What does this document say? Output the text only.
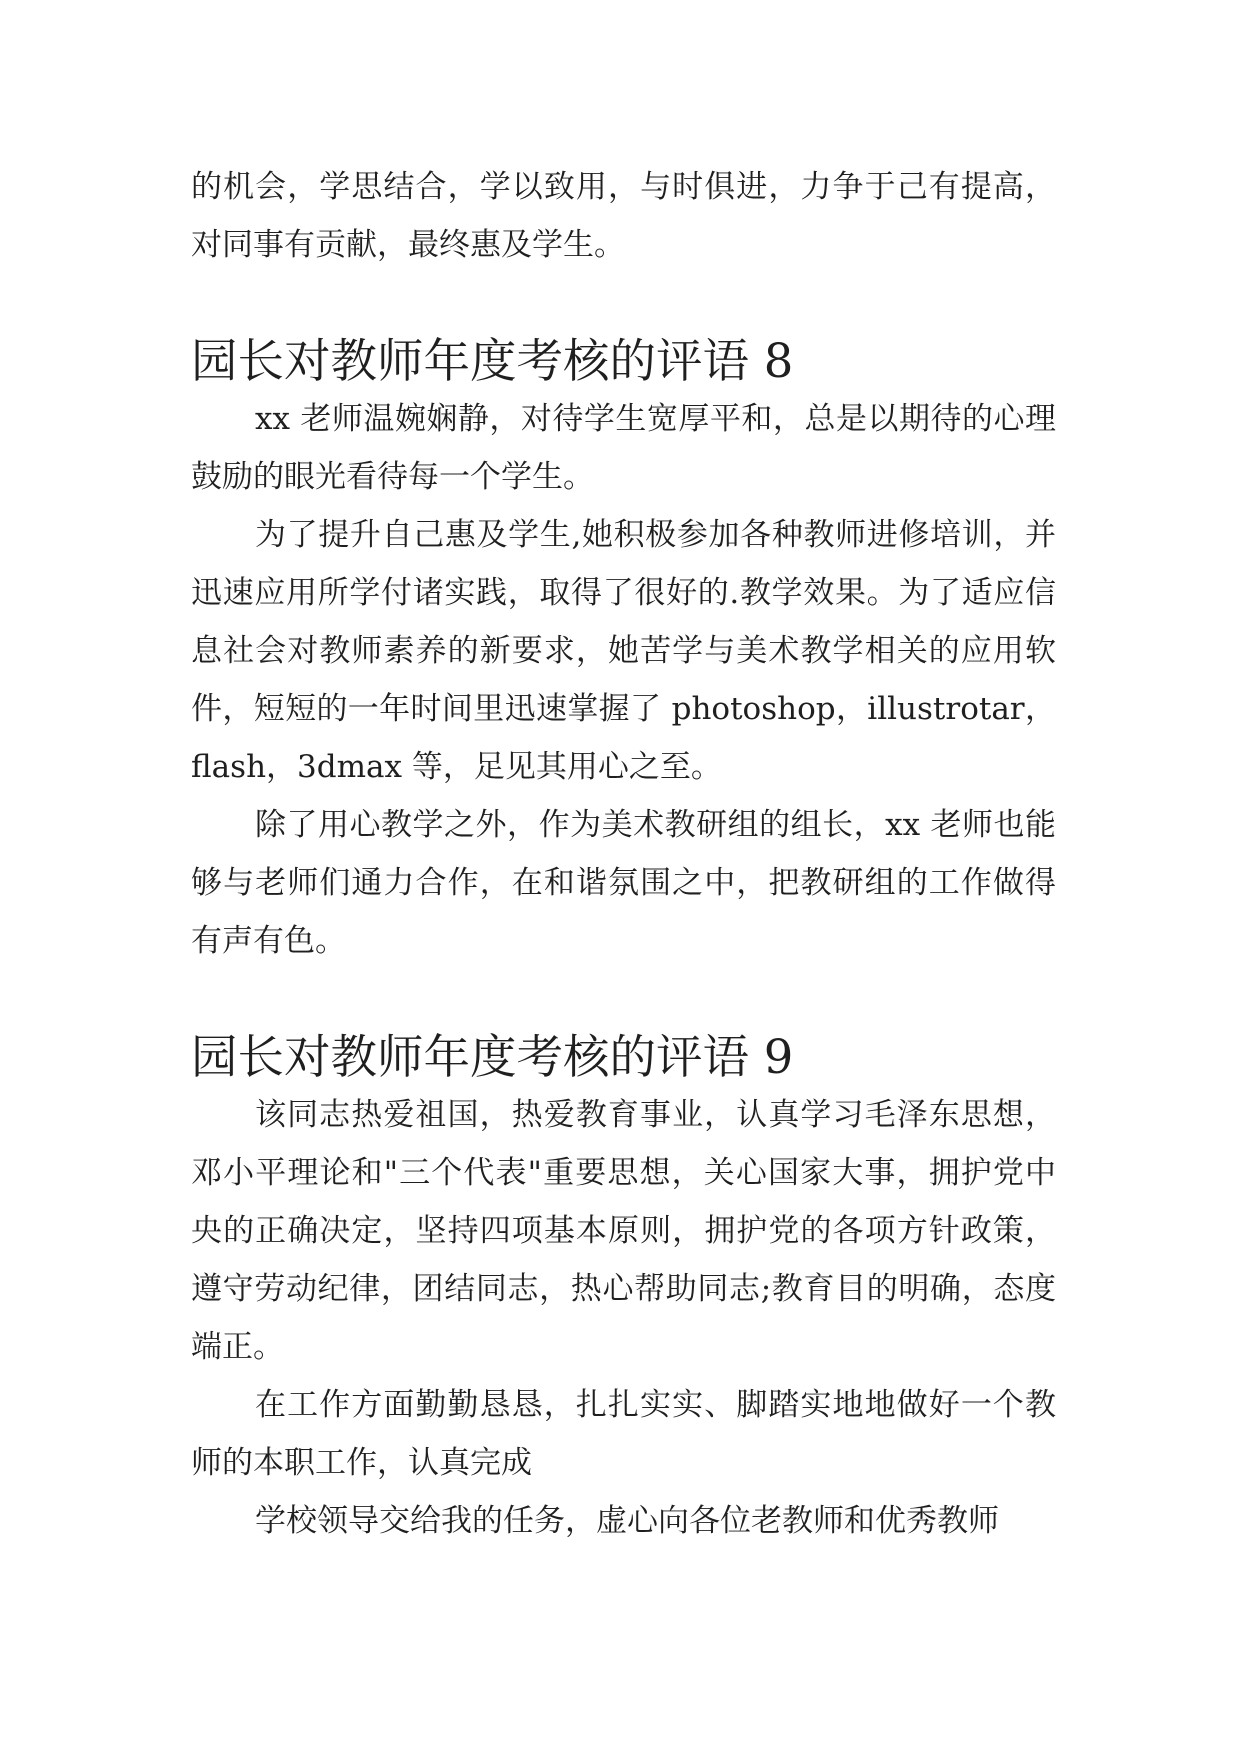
的机会，学思结合，学以致用，与时俱进，力争于己有提高，对同事有贡献，最终惠及学生。

园长对教师年度考核的评语 8

xx 老师温婉娴静，对待学生宽厚平和，总是以期待的心理鼓励的眼光看待每一个学生。

为了提升自己惠及学生,她积极参加各种教师进修培训，并迅速应用所学付诸实践，取得了很好的.教学效果。为了适应信息社会对教师素养的新要求，她苦学与美术教学相关的应用软件，短短的一年时间里迅速掌握了 photoshop，illustrotar，flash，3dmax 等，足见其用心之至。

除了用心教学之外，作为美术教研组的组长，xx 老师也能够与老师们通力合作，在和谐氛围之中，把教研组的工作做得有声有色。

园长对教师年度考核的评语 9

该同志热爱祖国，热爱教育事业，认真学习毛泽东思想，邓小平理论和"三个代表"重要思想，关心国家大事，拥护党中央的正确决定，坚持四项基本原则，拥护党的各项方针政策，遵守劳动纪律，团结同志，热心帮助同志;教育目的明确，态度端正。

在工作方面勤勤恳恳，扎扎实实、脚踏实地地做好一个教师的本职工作，认真完成

学校领导交给我的任务，虚心向各位老教师和优秀教师
